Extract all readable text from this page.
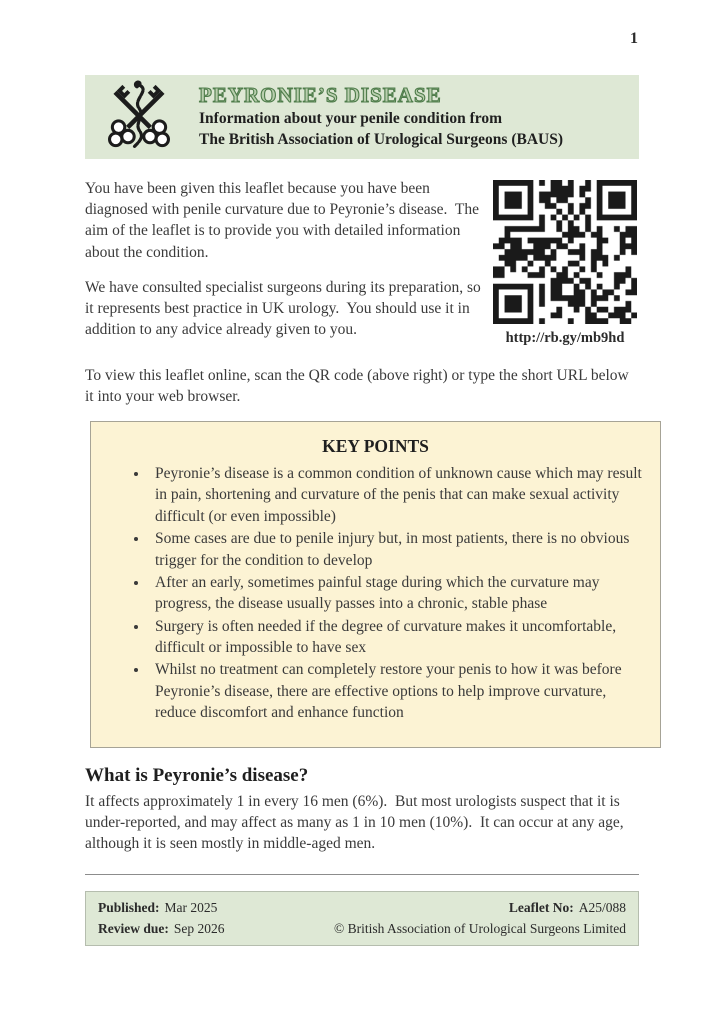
1
PEYRONIE’S DISEASE
Information about your penile condition from
The British Association of Urological Surgeons (BAUS)

You have been given this leaflet because you have been diagnosed with penile curvature due to Peyronie’s disease.  The aim of the leaflet is to provide you with detailed information about the condition.

We have consulted specialist surgeons during its preparation, so it represents best practice in UK urology.  You should use it in addition to any advice already given to you.	http://rb.gy/mb9hd

To view this leaflet online, scan the QR code (above right) or type the short URL below it into your web browser.

KEY POINTS
• Peyronie’s disease is a common condition of unknown cause which may result in pain, shortening and curvature of the penis that can make sexual activity difficult (or even impossible)
• Some cases are due to penile injury but, in most patients, there is no obvious trigger for the condition to develop
• After an early, sometimes painful stage during which the curvature may progress, the disease usually passes into a chronic, stable phase
• Surgery is often needed if the degree of curvature makes it uncomfortable, difficult or impossible to have sex
• Whilst no treatment can completely restore your penis to how it was before Peyronie’s disease, there are effective options to help improve curvature, reduce discomfort and enhance function
What is Peyronie’s disease?

It affects approximately 1 in every 16 men (6%).  But most urologists suspect that it is under-reported, and may affect as many as 1 in 10 men (10%).  It can occur at any age, although it is seen mostly in middle-aged men.

Published: Mar 2025
Review due: Sep 2026
Leaflet No: A25/088
© British Association of Urological Surgeons Limited
